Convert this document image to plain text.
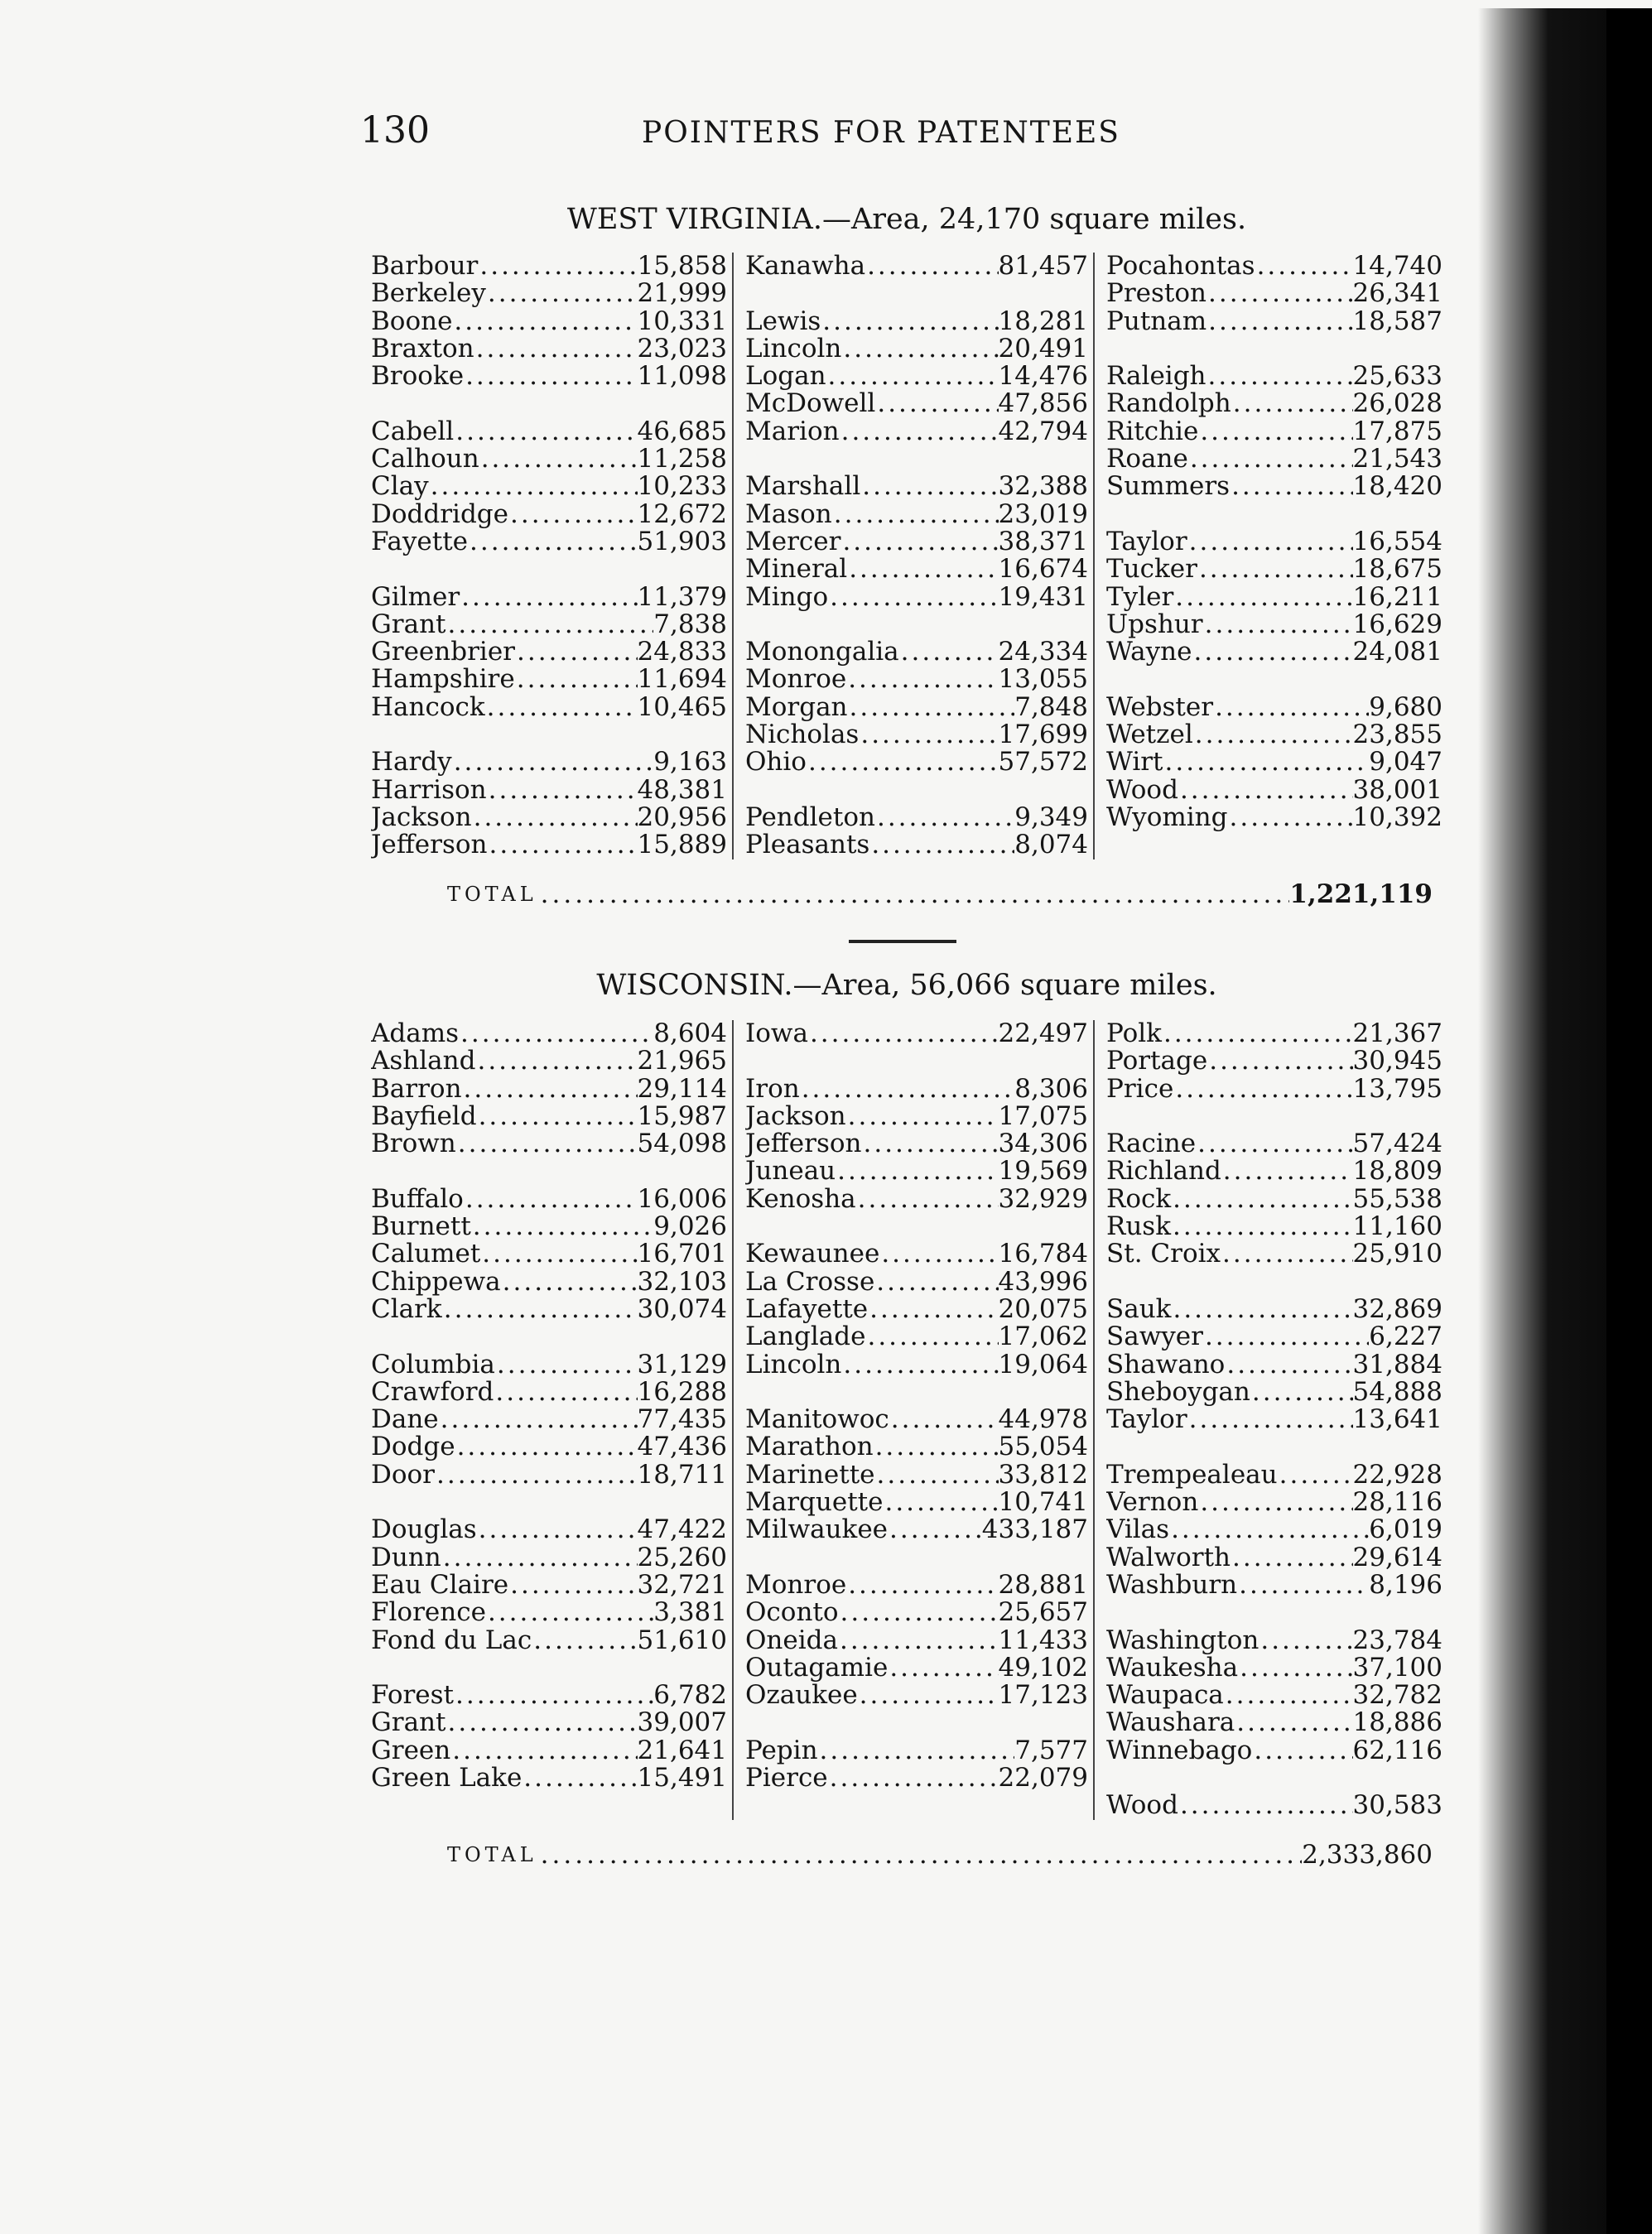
130	POINTERS FOR PATENTEES
WEST VIRGINIA.—Area, 24,170 square miles.
Barbour .....	15,858
Berkeley .....	21,999
Boone .....	10,331
Braxton .....	23,023
Brooke .....	11,098
Cabell .....	46,685
Calhoun .....	11,258
Clay .....	10,233
Doddridge .....	12,672
Fayette .....	51,903
Gilmer .....	11,379
Grant .....	7,838
Greenbrier .....	24,833
Hampshire .....	11,694
Hancock .....	10,465
Hardy .....	9,163
Harrison .....	48,381
Jackson .....	20,956
Jefferson .....	15,889
Kanawha .....	81,457
Lewis .....	18,281
Lincoln .....	20,491
Logan .....	14,476
McDowell .....	47,856
Marion .....	42,794
Marshall .....	32,388
Mason .....	23,019
Mercer .....	38,371
Mineral .....	16,674
Mingo .....	19,431
Monongalia .....	24,334
Monroe .....	13,055
Morgan .....	7,848
Nicholas .....	17,699
Ohio .....	57,572
Pendleton .....	9,349
Pleasants .....	8,074
Pocahontas .....	14,740
Preston .....	26,341
Putnam .....	18,587
Raleigh .....	25,633
Randolph .....	26,028
Ritchie .....	17,875
Roane .....	21,543
Summers .....	18,420
Taylor .....	16,554
Tucker .....	18,675
Tyler .....	16,211
Upshur .....	16,629
Wayne .....	24,081
Webster .....	9,680
Wetzel .....	23,855
Wirt .....	9,047
Wood .....	38,001
Wyoming .....	10,392
TOTAL .....	1,221,119
WISCONSIN.—Area, 56,066 square miles.
Adams .....	8,604
Ashland .....	21,965
Barron .....	29,114
Bayfield .....	15,987
Brown .....	54,098
Buffalo .....	16,006
Burnett .....	9,026
Calumet .....	16,701
Chippewa .....	32,103
Clark .....	30,074
Columbia .....	31,129
Crawford .....	16,288
Dane .....	77,435
Dodge .....	47,436
Door .....	18,711
Douglas .....	47,422
Dunn .....	25,260
Eau Claire .....	32,721
Florence .....	3,381
Fond du Lac .....	51,610
Forest .....	6,782
Grant .....	39,007
Green .....	21,641
Green Lake .....	15,491
Iowa .....	22,497
Iron .....	8,306
Jackson .....	17,075
Jefferson .....	34,306
Juneau .....	19,569
Kenosha .....	32,929
Kewaunee .....	16,784
La Crosse .....	43,996
Lafayette .....	20,075
Langlade .....	17,062
Lincoln .....	19,064
Manitowoc .....	44,978
Marathon .....	55,054
Marinette .....	33,812
Marquette .....	10,741
Milwaukee .....	433,187
Monroe .....	28,881
Oconto .....	25,657
Oneida .....	11,433
Outagamie .....	49,102
Ozaukee .....	17,123
Pepin .....	7,577
Pierce .....	22,079
Polk .....	21,367
Portage .....	30,945
Price .....	13,795
Racine .....	57,424
Richland .....	18,809
Rock .....	55,538
Rusk .....	11,160
St. Croix .....	25,910
Sauk .....	32,869
Sawyer .....	6,227
Shawano .....	31,884
Sheboygan .....	54,888
Taylor .....	13,641
Trempealeau .....	22,928
Vernon .....	28,116
Vilas .....	6,019
Walworth .....	29,614
Washburn .....	8,196
Washington .....	23,784
Waukesha .....	37,100
Waupaca .....	32,782
Waushara .....	18,886
Winnebago .....	62,116
Wood .....	30,583
TOTAL .....	2,333,860
